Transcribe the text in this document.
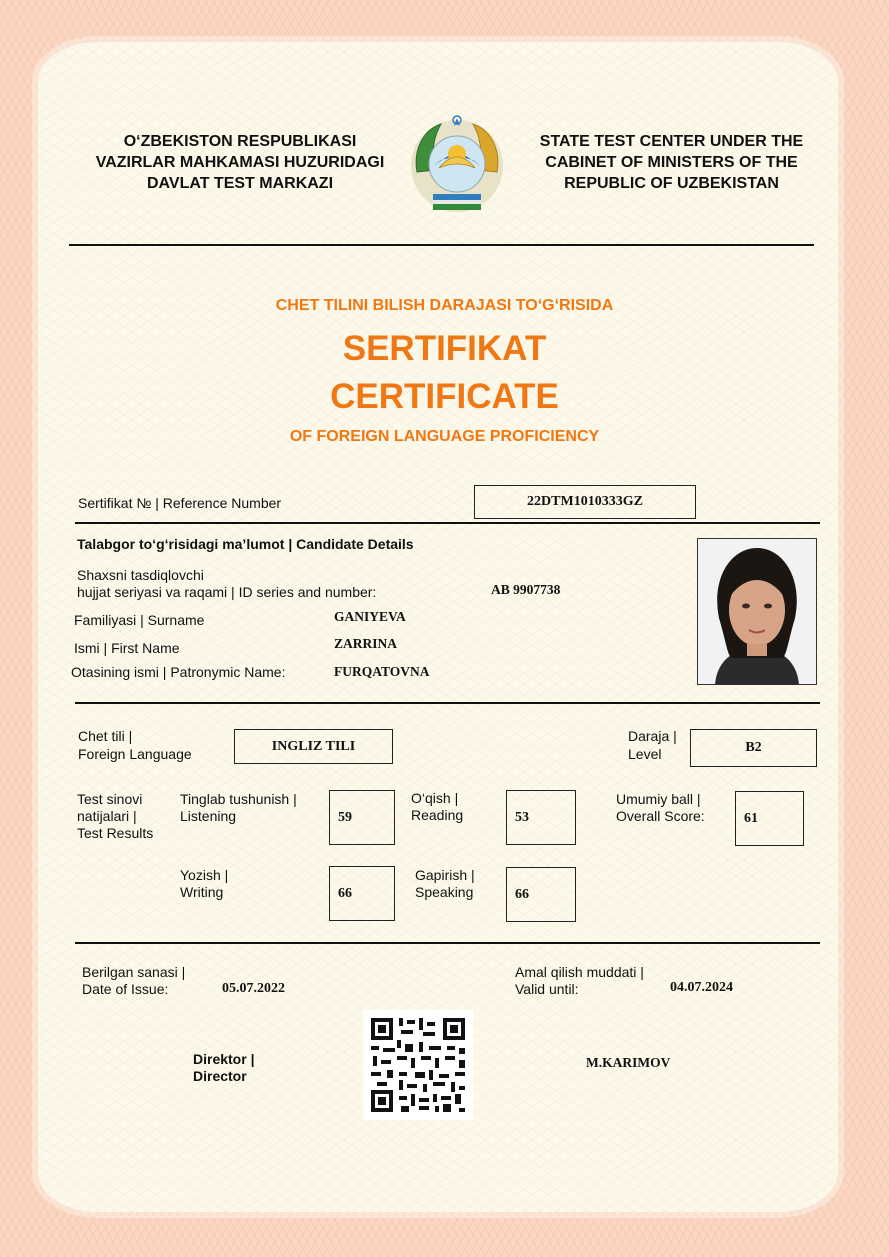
O‘ZBEKISTON RESPUBLIKASI
VAZIRLAR MAHKAMASI HUZURIDAGI
DAVLAT TEST MARKAZI
STATE TEST CENTER UNDER THE
CABINET OF MINISTERS OF THE
REPUBLIC OF UZBEKISTAN
CHET TILINI BILISH DARAJASI TO‘G‘RISIDA
SERTIFIKAT
CERTIFICATE
OF FOREIGN LANGUAGE PROFICIENCY
Sertifikat № | Reference Number	22DTM1010333GZ
Talabgor to‘g‘risidagi ma’lumot | Candidate Details
Shaxsni tasdiqlovchi
hujjat seriyasi va raqami | ID series and number:	AB 9907738
Familiyasi | Surname	GANIYEVA
Ismi | First Name	ZARRINA
Otasining ismi | Patronymic Name:	FURQATOVNA
Chet tili |
Foreign Language	INGLIZ TILI
Daraja |
Level	B2
Test sinovi
natijalari |
Test Results
Tinglab tushunish |
Listening	59
O‘qish |
Reading	53
Umumiy ball |
Overall Score:	61
Yozish |
Writing	66
Gapirish |
Speaking	66
Berilgan sanasi |
Date of Issue:	05.07.2022
Amal qilish muddati |
Valid until:	04.07.2024
Direktor |
Director
M.KARIMOV
